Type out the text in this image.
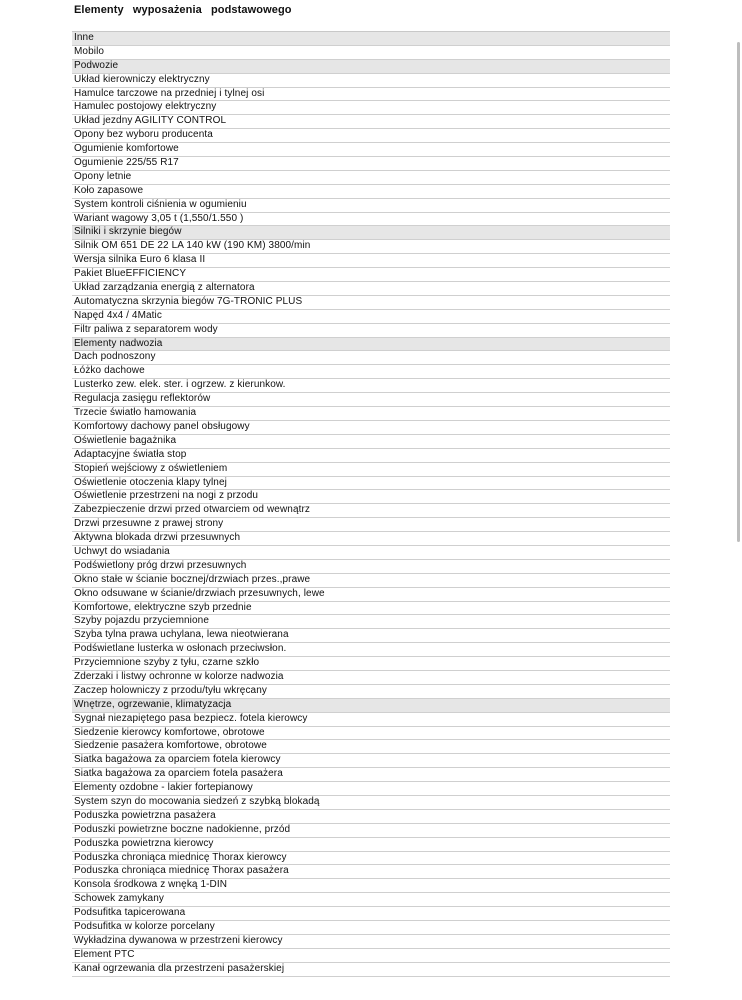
Elementy wyposażenia podstawowego
Inne
Mobilo
Podwozie
Układ kierowniczy elektryczny
Hamulce tarczowe na przedniej i tylnej osi
Hamulec postojowy elektryczny
Układ jezdny AGILITY CONTROL
Opony bez wyboru producenta
Ogumienie komfortowe
Ogumienie 225/55 R17
Opony letnie
Koło zapasowe
System kontroli ciśnienia w ogumieniu
Wariant wagowy 3,05 t (1,550/1.550 )
Silniki i skrzynie biegów
Silnik OM 651 DE 22 LA 140 kW (190 KM) 3800/min
Wersja silnika Euro 6 klasa II
Pakiet BlueEFFICIENCY
Układ zarządzania energią z alternatora
Automatyczna skrzynia biegów 7G-TRONIC PLUS
Napęd 4x4 / 4Matic
Filtr paliwa z separatorem wody
Elementy nadwozia
Dach podnoszony
Łóżko dachowe
Lusterko zew. elek. ster. i ogrzew. z kierunkow.
Regulacja zasięgu reflektorów
Trzecie światło hamowania
Komfortowy dachowy panel obsługowy
Oświetlenie bagażnika
Adaptacyjne światła stop
Stopień wejściowy z oświetleniem
Oświetlenie otoczenia klapy tylnej
Oświetlenie przestrzeni na nogi z przodu
Zabezpieczenie drzwi przed otwarciem od wewnątrz
Drzwi przesuwne z prawej strony
Aktywna blokada drzwi przesuwnych
Uchwyt do wsiadania
Podświetlony próg drzwi przesuwnych
Okno stałe w ścianie bocznej/drzwiach przes.,prawe
Okno odsuwane w ścianie/drzwiach przesuwnych, lewe
Komfortowe, elektryczne szyb przednie
Szyby pojazdu przyciemnione
Szyba tylna prawa uchylana, lewa nieotwierana
Podświetlane lusterka w osłonach przeciwsłon.
Przyciemnione szyby z tyłu, czarne szkło
Zderzaki i listwy ochronne w kolorze nadwozia
Zaczep holowniczy z przodu/tyłu wkręcany
Wnętrze, ogrzewanie, klimatyzacja
Sygnał niezapiętego pasa bezpiecz. fotela kierowcy
Siedzenie kierowcy komfortowe, obrotowe
Siedzenie pasażera komfortowe, obrotowe
Siatka bagażowa za oparciem fotela kierowcy
Siatka bagażowa za oparciem fotela pasażera
Elementy ozdobne - lakier fortepianowy
System szyn do mocowania siedzeń z szybką blokadą
Poduszka powietrzna pasażera
Poduszki powietrzne boczne nadokienne, przód
Poduszka powietrzna kierowcy
Poduszka chroniąca miednicę Thorax kierowcy
Poduszka chroniąca miednicę Thorax pasażera
Konsola środkowa z wnęką 1-DIN
Schowek zamykany
Podsufitka tapicerowana
Podsufitka w kolorze porcelany
Wykładzina dywanowa w przestrzeni kierowcy
Element PTC
Kanał ogrzewania dla przestrzeni pasażerskiej
